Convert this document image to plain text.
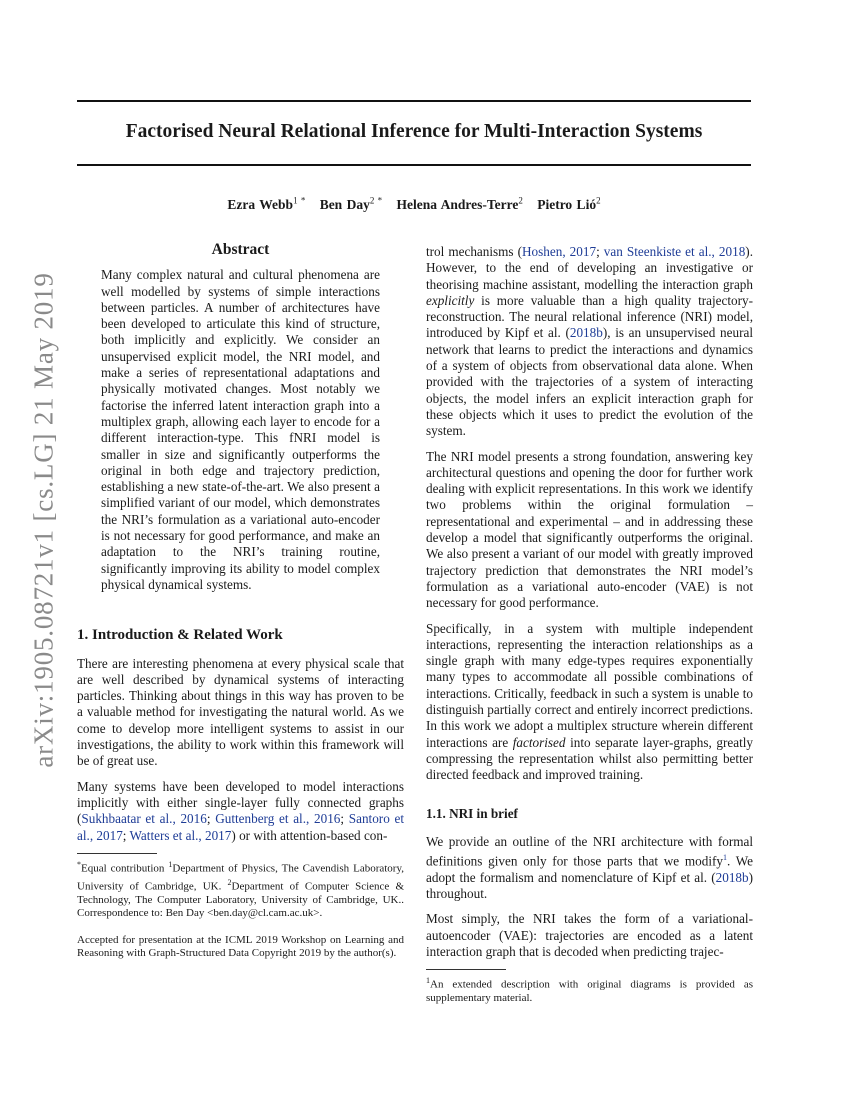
Factorised Neural Relational Inference for Multi-Interaction Systems
Ezra Webb$^{1 *}$ Ben Day$^{2 *}$ Helena Andres-Terre$^2$ Pietro Lió$^2$
arXiv:1905.08721v1 [cs.LG] 21 May 2019
Abstract

Many complex natural and cultural phenomena are well modelled by systems of simple interactions between particles. A number of architectures have been developed to articulate this kind of structure, both implicitly and explicitly. We consider an unsupervised explicit model, the NRI model, and make a series of representational adaptations and physically motivated changes. Most notably we factorise the inferred latent interaction graph into a multiplex graph, allowing each layer to encode for a different interaction-type. This fNRI model is smaller in size and significantly outperforms the original in both edge and trajectory prediction, establishing a new state-of-the-art. We also present a simplified variant of our model, which demonstrates the NRI’s formulation as a variational auto-encoder is not necessary for good performance, and make an adaptation to the NRI’s training routine, significantly improving its ability to model complex physical dynamical systems.

1. Introduction & Related Work

There are interesting phenomena at every physical scale that are well described by dynamical systems of interacting particles. Thinking about things in this way has proven to be a valuable method for investigating the natural world. As we come to develop more intelligent systems to assist in our investigations, the ability to work within this framework will be of great use.

Many systems have been developed to model interactions implicitly with either single-layer fully connected graphs (Sukhbaatar et al., 2016; Guttenberg et al., 2016; Santoro et al., 2017; Watters et al., 2017) or with attention-based con-

*Equal contribution $^1$Department of Physics, The Cavendish Laboratory, University of Cambridge, UK. $^2$Department of Computer Science & Technology, The Computer Laboratory, University of Cambridge, UK.. Correspondence to: Ben Day <ben.day@cl.cam.ac.uk>.

Accepted for presentation at the ICML 2019 Workshop on Learning and Reasoning with Graph-Structured Data Copyright 2019 by the author(s).

trol mechanisms (Hoshen, 2017; van Steenkiste et al., 2018). However, to the end of developing an investigative or theorising machine assistant, modelling the interaction graph explicitly is more valuable than a high quality trajectory-reconstruction. The neural relational inference (NRI) model, introduced by Kipf et al. (2018b), is an unsupervised neural network that learns to predict the interactions and dynamics of a system of objects from observational data alone. When provided with the trajectories of a system of interacting objects, the model infers an explicit interaction graph for these objects which it uses to predict the evolution of the system.

The NRI model presents a strong foundation, answering key architectural questions and opening the door for further work dealing with explicit representations. In this work we identify two problems within the original formulation – representational and experimental – and in addressing these develop a model that significantly outperforms the original. We also present a variant of our model with greatly improved trajectory prediction that demonstrates the NRI model’s formulation as a variational auto-encoder (VAE) is not necessary for good performance.

Specifically, in a system with multiple independent interactions, representing the interaction relationships as a single graph with many edge-types requires exponentially many types to accommodate all possible combinations of interactions. Critically, feedback in such a system is unable to distinguish partially correct and entirely incorrect predictions. In this work we adopt a multiplex structure wherein different interactions are factorised into separate layer-graphs, greatly compressing the representation whilst also permitting better directed feedback and improved training.

1.1. NRI in brief

We provide an outline of the NRI architecture with formal definitions given only for those parts that we modify$^1$. We adopt the formalism and nomenclature of Kipf et al. (2018b) throughout.

Most simply, the NRI takes the form of a variational-autoencoder (VAE): trajectories are encoded as a latent interaction graph that is decoded when predicting trajec-

$^1$An extended description with original diagrams is provided as supplementary material.
